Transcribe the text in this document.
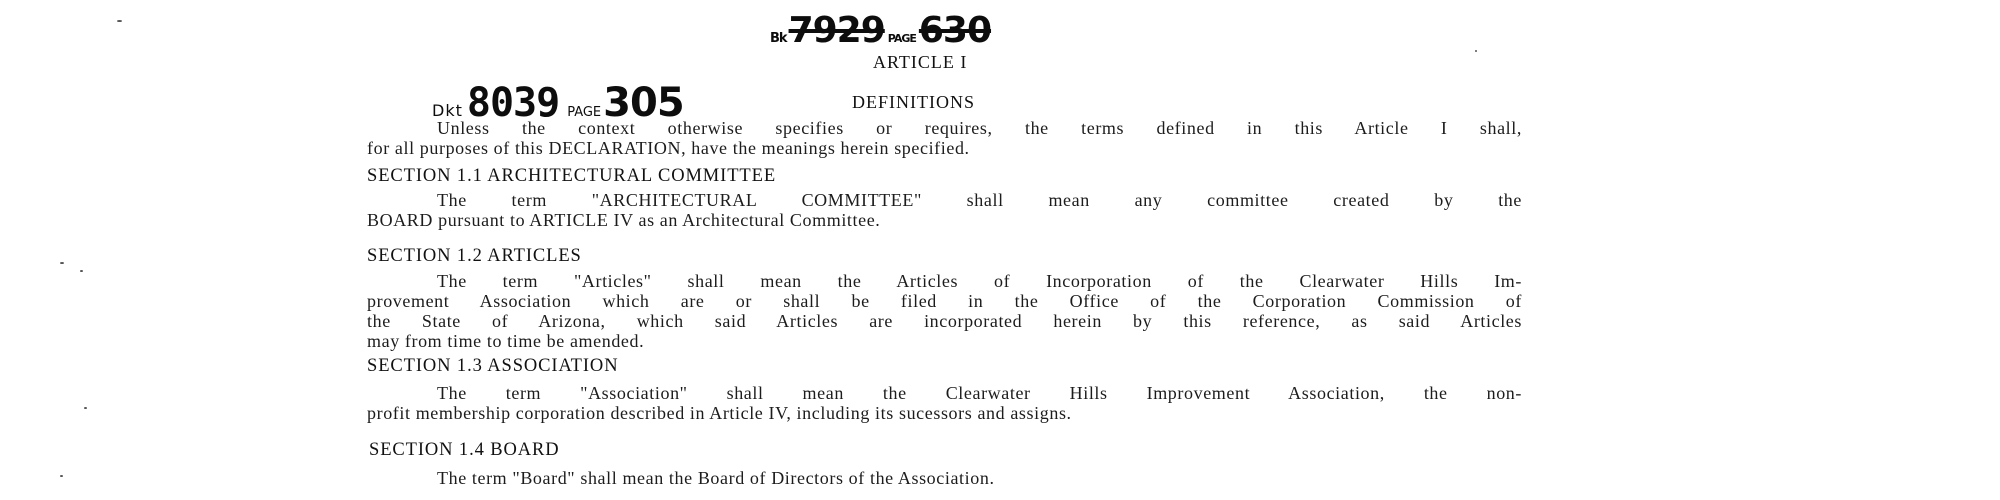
Bk7929 PAGE630
ARTICLE I
Dkt 8039 PAGE305	DEFINITIONS
Unless the context otherwise specifies or requires, the terms defined in this Article I shall,
for all purposes of this DECLARATION, have the meanings herein specified.
SECTION 1.1 ARCHITECTURAL COMMITTEE
The term "ARCHITECTURAL COMMITTEE" shall mean any committee created by the
BOARD pursuant to ARTICLE IV as an Architectural Committee.
SECTION 1.2 ARTICLES
The term "Articles" shall mean the Articles of Incorporation of the Clearwater Hills Im-
provement Association which are or shall be filed in the Office of the Corporation Commission of
the State of Arizona, which said Articles are incorporated herein by this reference, as said Articles
may from time to time be amended.
SECTION 1.3 ASSOCIATION
The term "Association" shall mean the Clearwater Hills Improvement Association, the non-
profit membership corporation described in Article IV, including its sucessors and assigns.
SECTION 1.4 BOARD
The term "Board" shall mean the Board of Directors of the Association.
